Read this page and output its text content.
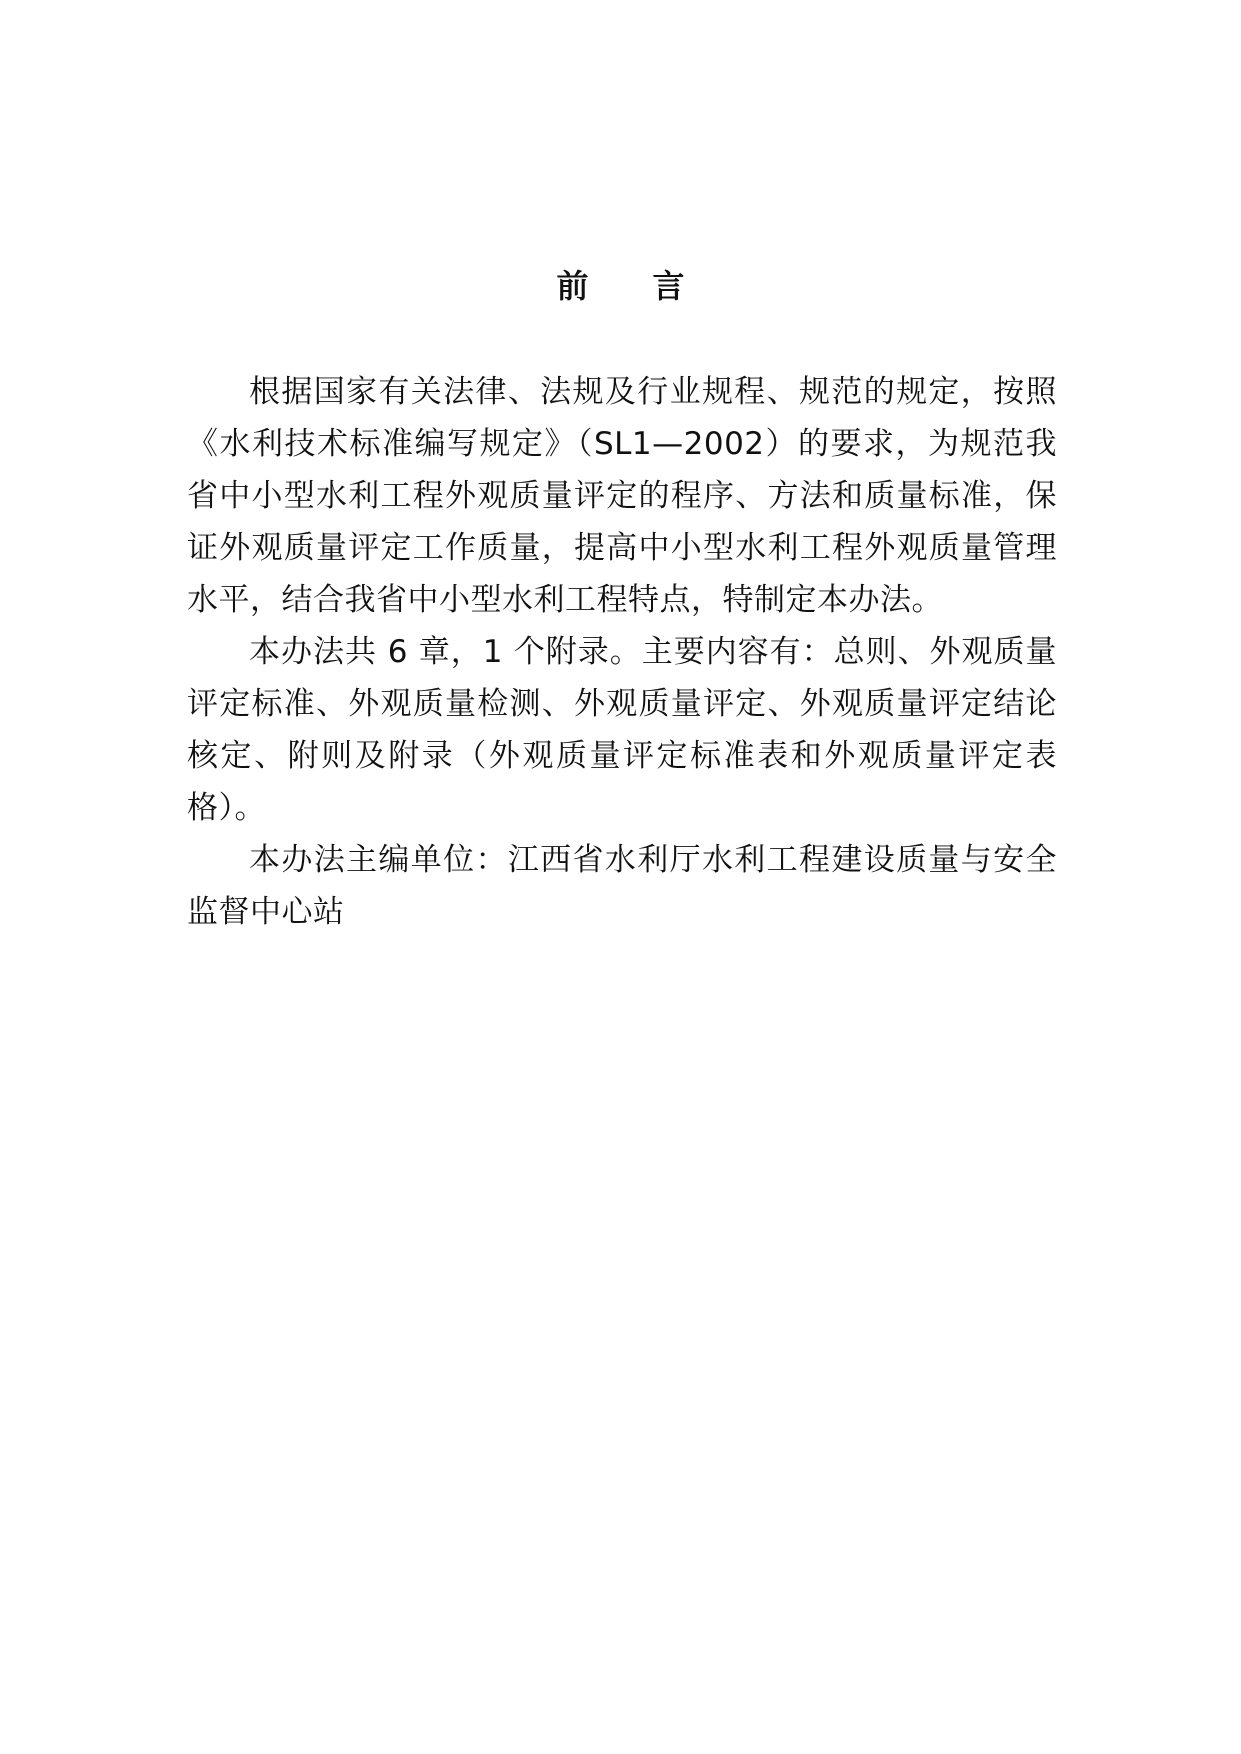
前 言

根据国家有关法律、法规及行业规程、规范的规定，按照《水利技术标准编写规定》（SL1—2002）的要求，为规范我省中小型水利工程外观质量评定的程序、方法和质量标准，保证外观质量评定工作质量，提高中小型水利工程外观质量管理水平，结合我省中小型水利工程特点，特制定本办法。

本办法共 6 章，1 个附录。主要内容有：总则、外观质量评定标准、外观质量检测、外观质量评定、外观质量评定结论核定、附则及附录（外观质量评定标准表和外观质量评定表格）。

本办法主编单位：江西省水利厅水利工程建设质量与安全监督中心站
